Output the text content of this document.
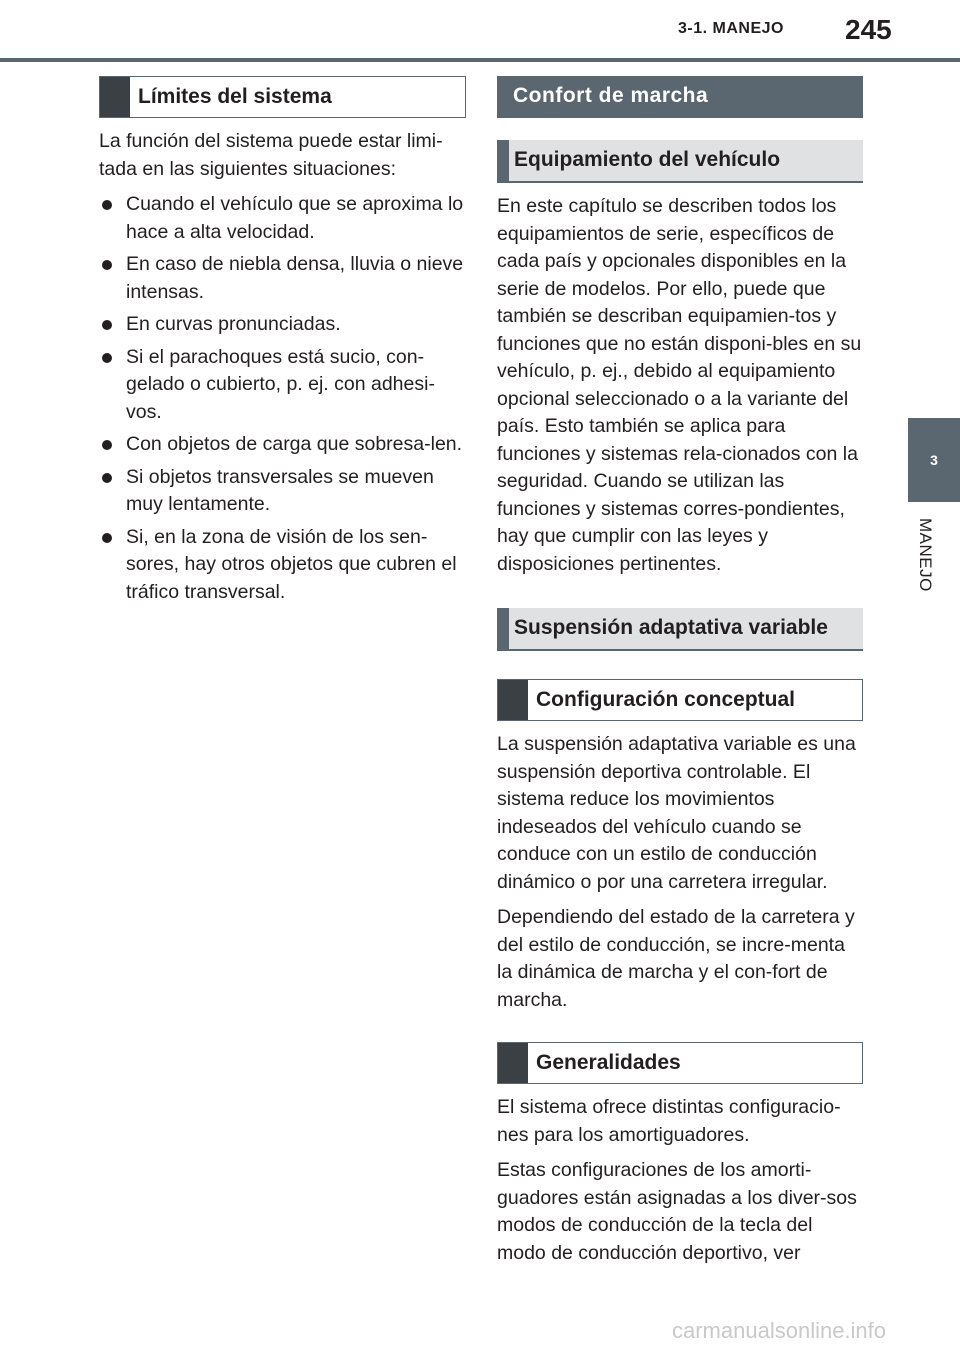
3-1. MANEJO 245
3
MANEJO
Límites del sistema

La función del sistema puede estar limi-tada en las siguientes situaciones:

Cuando el vehículo que se aproxima lo hace a alta velocidad.
En caso de niebla densa, lluvia o nieve intensas.
En curvas pronunciadas.
Si el parachoques está sucio, con-gelado o cubierto, p. ej. con adhesi-vos.
Con objetos de carga que sobresa-len.
Si objetos transversales se mueven muy lentamente.
Si, en la zona de visión de los sen-sores, hay otros objetos que cubren el tráfico transversal.
Confort de marcha
Equipamiento del vehículo

En este capítulo se describen todos los equipamientos de serie, específicos de cada país y opcionales disponibles en la serie de modelos. Por ello, puede que también se describan equipamien-tos y funciones que no están disponi-bles en su vehículo, p. ej., debido al equipamiento opcional seleccionado o a la variante del país. Esto también se aplica para funciones y sistemas rela-cionados con la seguridad. Cuando se utilizan las funciones y sistemas corres-pondientes, hay que cumplir con las leyes y disposiciones pertinentes.

Suspensión adaptativa variable
Configuración conceptual

La suspensión adaptativa variable es una suspensión deportiva controlable. El sistema reduce los movimientos indeseados del vehículo cuando se conduce con un estilo de conducción dinámico o por una carretera irregular.

Dependiendo del estado de la carretera y del estilo de conducción, se incre-menta la dinámica de marcha y el con-fort de marcha.

Generalidades

El sistema ofrece distintas configuracio-nes para los amortiguadores.

Estas configuraciones de los amorti-guadores están asignadas a los diver-sos modos de conducción de la tecla del modo de conducción deportivo, ver

carmanualsonline.info
